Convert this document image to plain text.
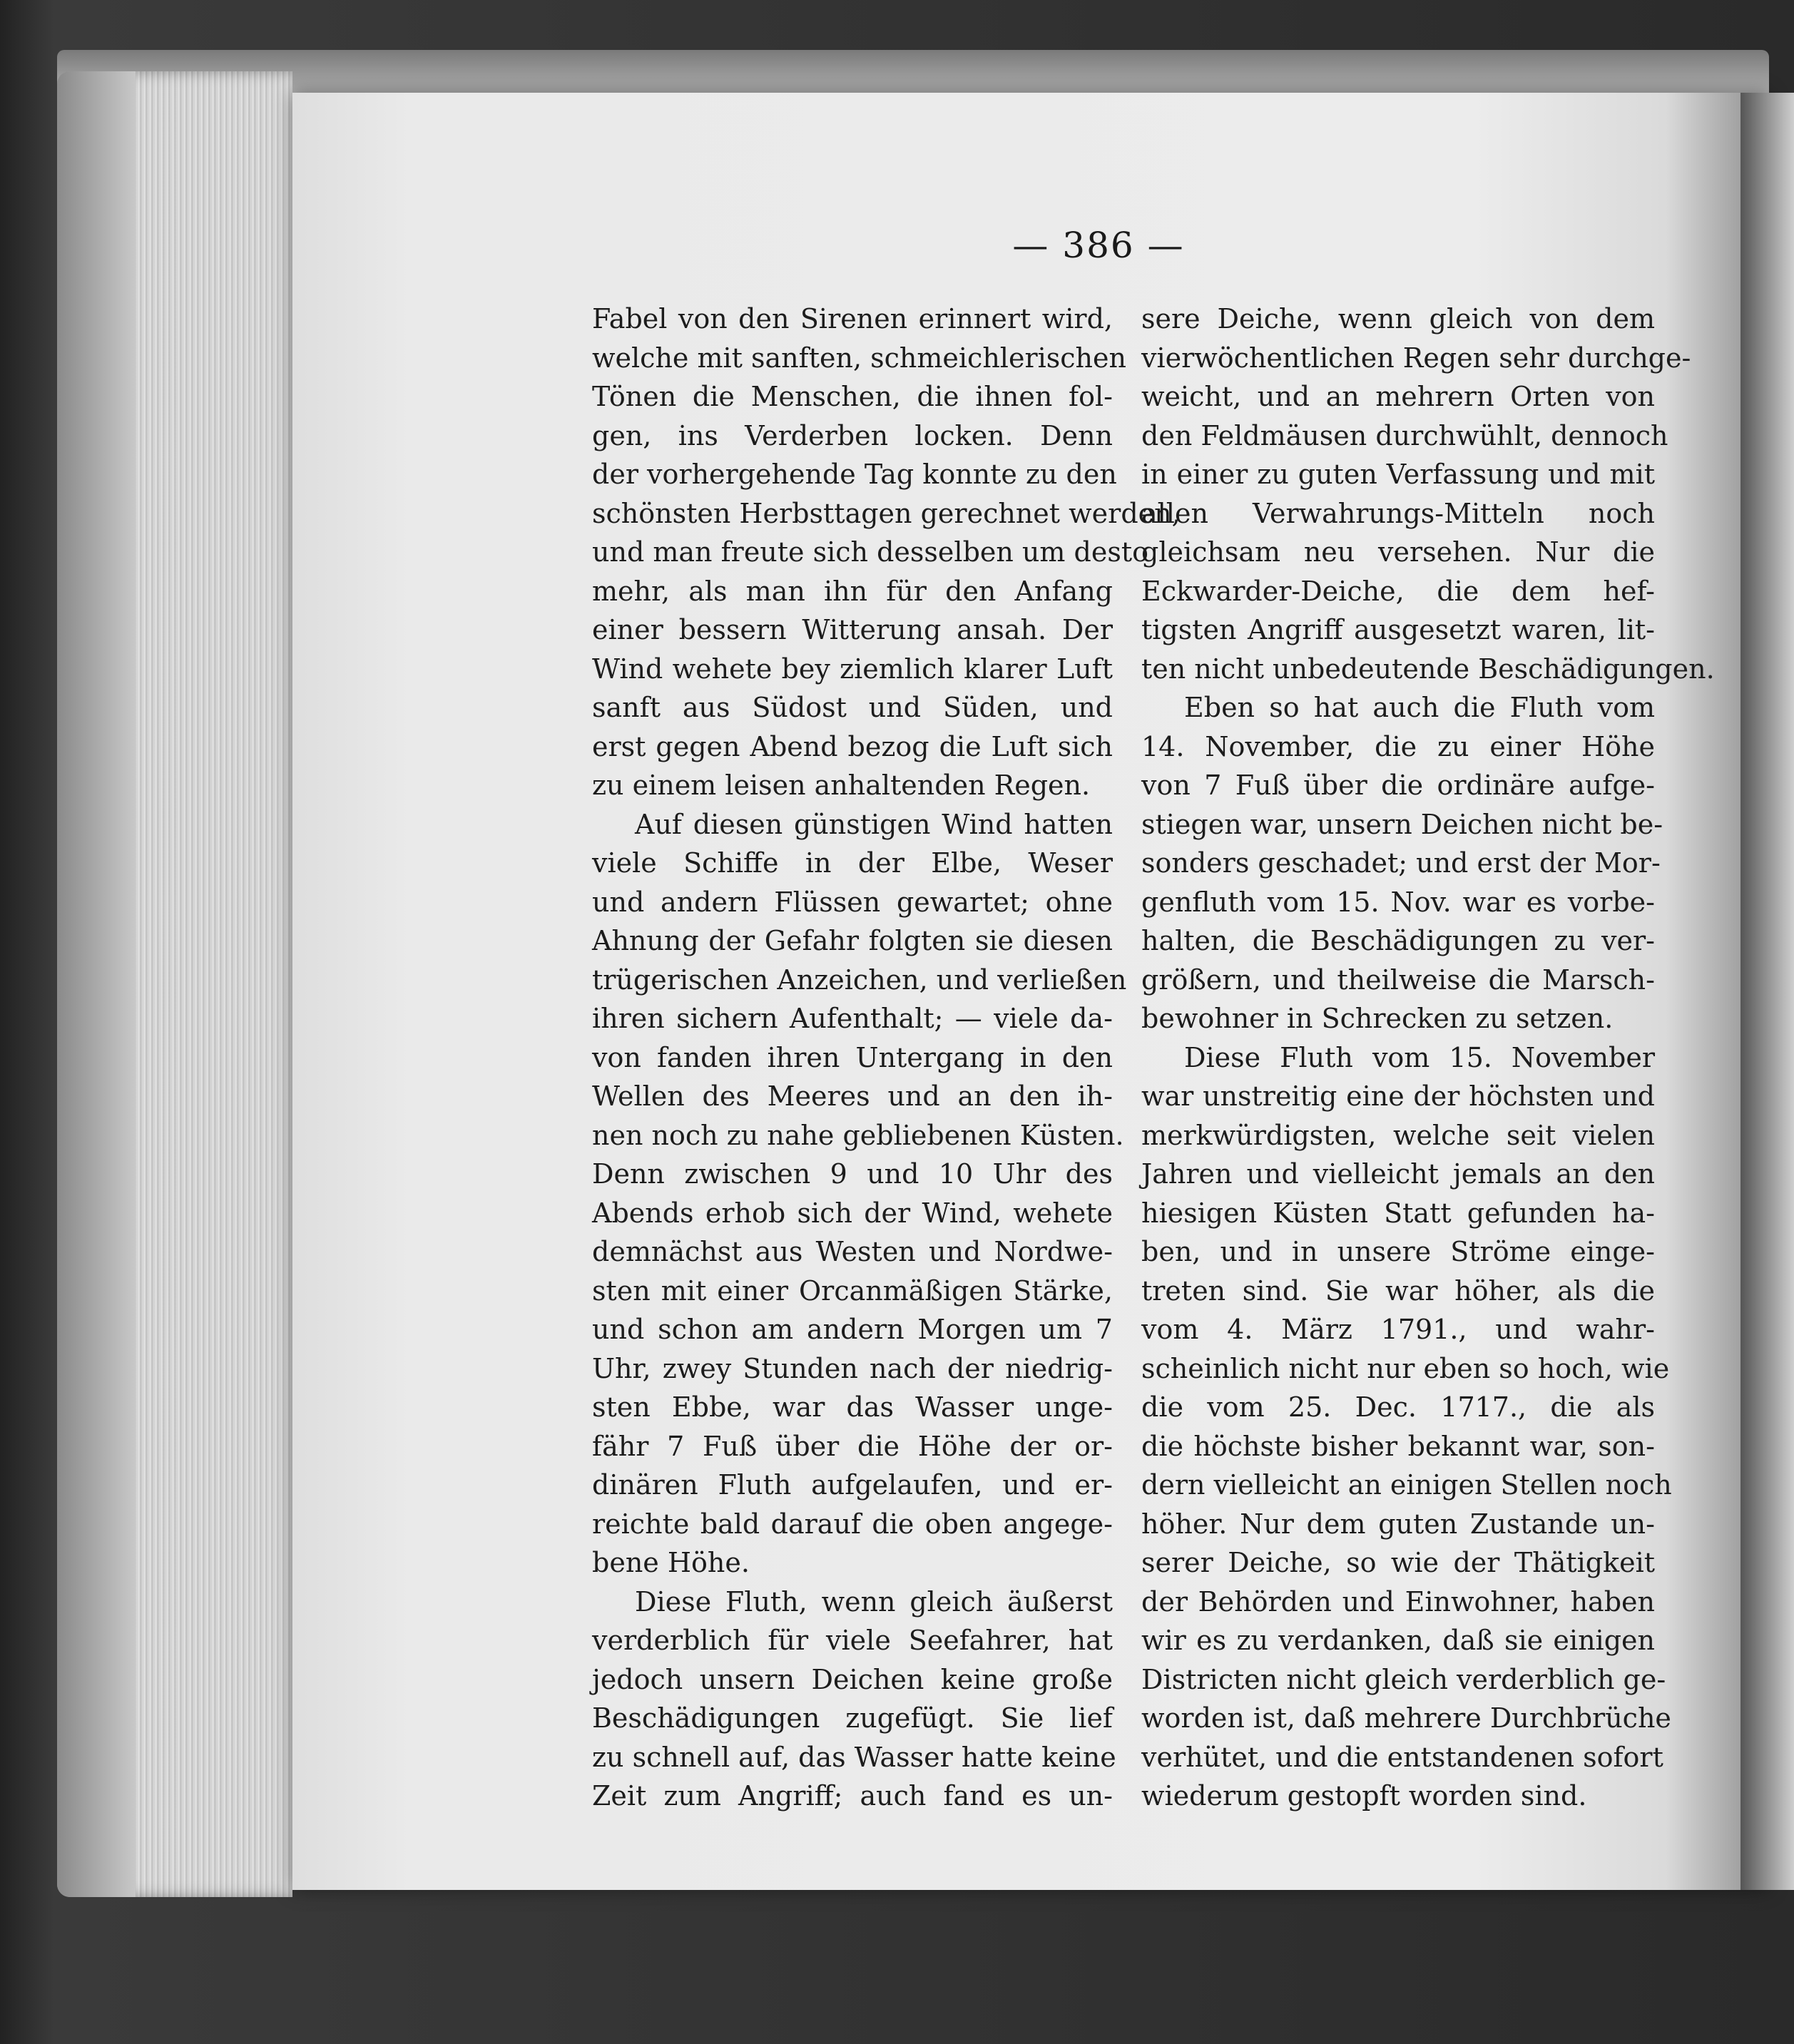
— 386 —
Fabel von den Sirenen erinnert wird,
welche mit sanften, schmeichlerischen
Tönen die Menschen, die ihnen fol-
gen, ins Verderben locken. Denn
der vorhergehende Tag konnte zu den
schönsten Herbsttagen gerechnet werden,
und man freute sich desselben um desto
mehr, als man ihn für den Anfang
einer bessern Witterung ansah. Der
Wind wehete bey ziemlich klarer Luft
sanft aus Südost und Süden, und
erst gegen Abend bezog die Luft sich
zu einem leisen anhaltenden Regen.
Auf diesen günstigen Wind hatten
viele Schiffe in der Elbe, Weser
und andern Flüssen gewartet; ohne
Ahnung der Gefahr folgten sie diesen
trügerischen Anzeichen, und verließen
ihren sichern Aufenthalt; — viele da-
von fanden ihren Untergang in den
Wellen des Meeres und an den ih-
nen noch zu nahe gebliebenen Küsten.
Denn zwischen 9 und 10 Uhr des
Abends erhob sich der Wind, wehete
demnächst aus Westen und Nordwe-
sten mit einer Orcanmäßigen Stärke,
und schon am andern Morgen um 7
Uhr, zwey Stunden nach der niedrig-
sten Ebbe, war das Wasser unge-
fähr 7 Fuß über die Höhe der or-
dinären Fluth aufgelaufen, und er-
reichte bald darauf die oben angege-
bene Höhe.
Diese Fluth, wenn gleich äußerst
verderblich für viele Seefahrer, hat
jedoch unsern Deichen keine große
Beschädigungen zugefügt. Sie lief
zu schnell auf, das Wasser hatte keine
Zeit zum Angriff; auch fand es un-
sere Deiche, wenn gleich von dem
vierwöchentlichen Regen sehr durchge-
weicht, und an mehrern Orten von
den Feldmäusen durchwühlt, dennoch
in einer zu guten Verfassung und mit
allen Verwahrungs-Mitteln noch
gleichsam neu versehen. Nur die
Eckwarder-Deiche, die dem hef-
tigsten Angriff ausgesetzt waren, lit-
ten nicht unbedeutende Beschädigungen.
Eben so hat auch die Fluth vom
14. November, die zu einer Höhe
von 7 Fuß über die ordinäre aufge-
stiegen war, unsern Deichen nicht be-
sonders geschadet; und erst der Mor-
genfluth vom 15. Nov. war es vorbe-
halten, die Beschädigungen zu ver-
größern, und theilweise die Marsch-
bewohner in Schrecken zu setzen.
Diese Fluth vom 15. November
war unstreitig eine der höchsten und
merkwürdigsten, welche seit vielen
Jahren und vielleicht jemals an den
hiesigen Küsten Statt gefunden ha-
ben, und in unsere Ströme einge-
treten sind. Sie war höher, als die
vom 4. März 1791., und wahr-
scheinlich nicht nur eben so hoch, wie
die vom 25. Dec. 1717., die als
die höchste bisher bekannt war, son-
dern vielleicht an einigen Stellen noch
höher. Nur dem guten Zustande un-
serer Deiche, so wie der Thätigkeit
der Behörden und Einwohner, haben
wir es zu verdanken, daß sie einigen
Districten nicht gleich verderblich ge-
worden ist, daß mehrere Durchbrüche
verhütet, und die entstandenen sofort
wiederum gestopft worden sind.
